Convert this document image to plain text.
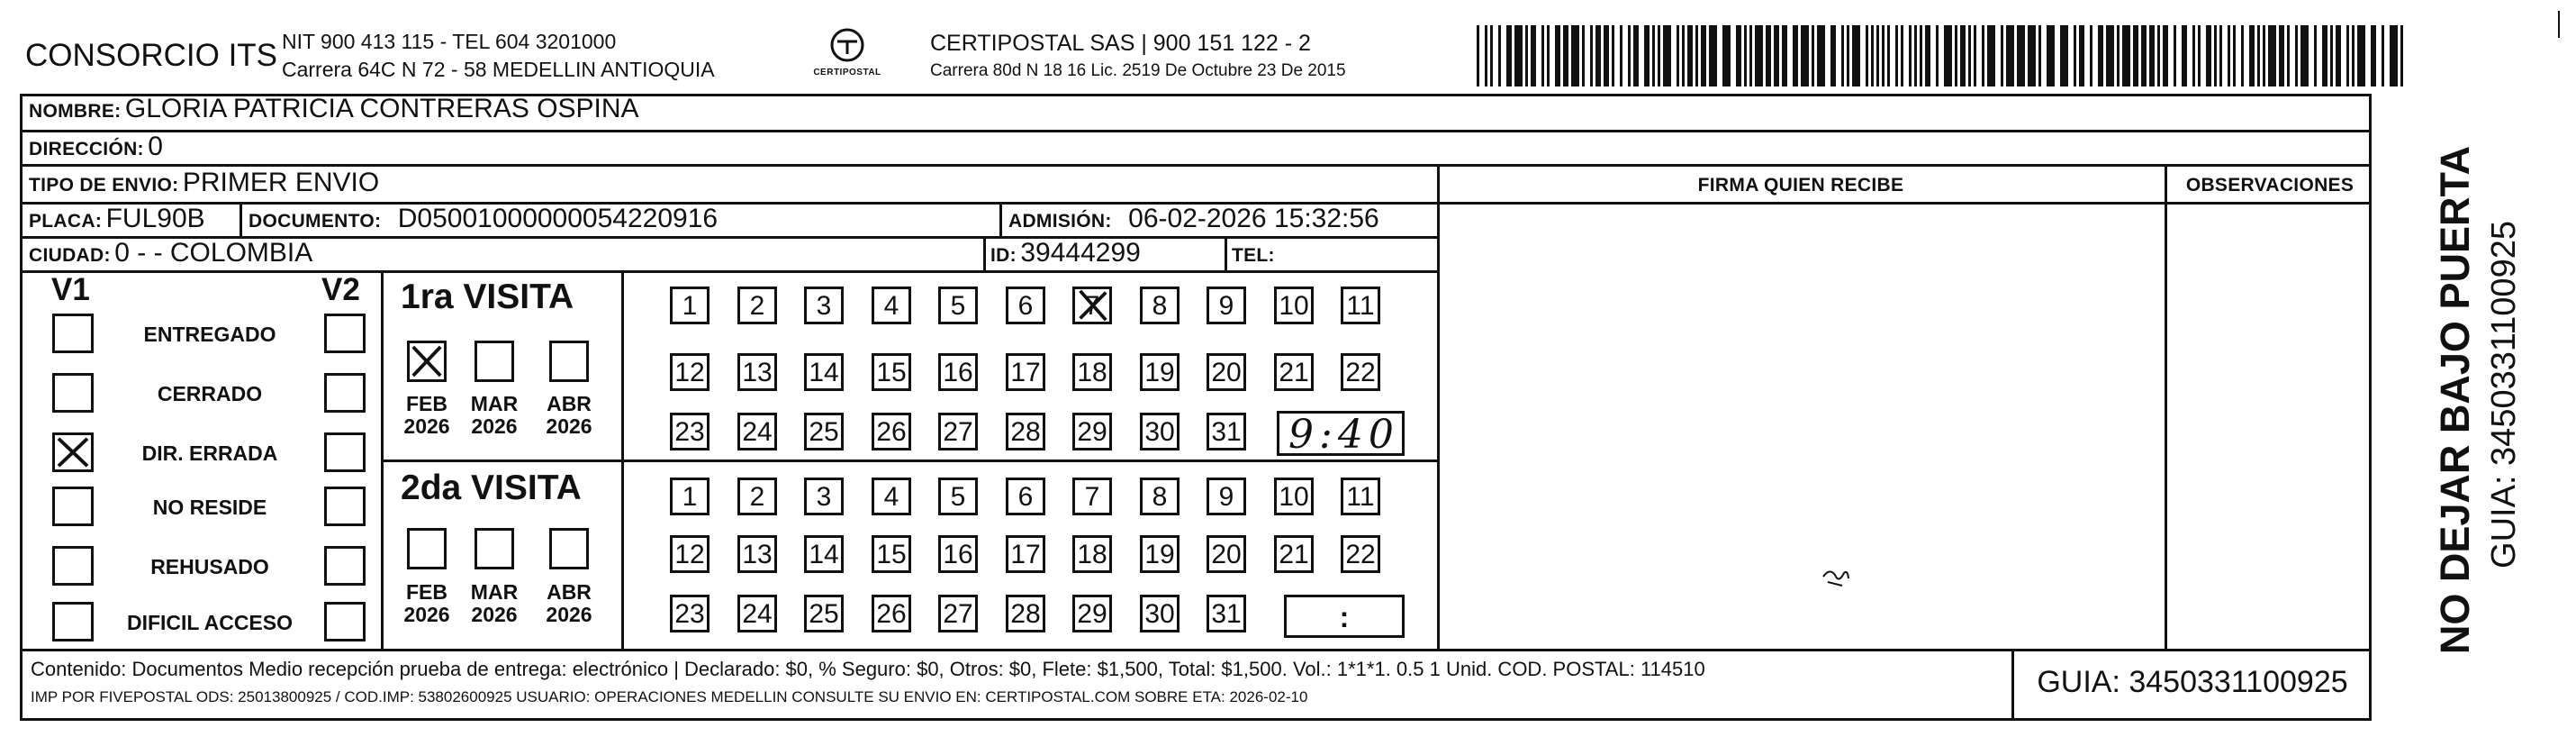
CONSORCIO ITS NIT 900 413 115 - TEL 604 3201000
Carrera 64C N 72 - 58 MEDELLIN ANTIOQUIA	CERTIPOSTAL
CERTIPOSTAL SAS | 900 151 122 - 2
Carrera 80d N 18 16 Lic. 2519 De Octubre 23 De 2015
NOMBRE: GLORIA PATRICIA CONTRERAS OSPINA
DIRECCIÓN: 0
TIPO DE ENVIO: PRIMER ENVIO	FIRMA QUIEN RECIBE	OBSERVACIONES
PLACA: FUL90B DOCUMENTO: D05001000000054220916	ADMISIÓN: 06-02-2026 15:32:56
CIUDAD: 0 - - COLOMBIA	ID: 39444299	TEL:
V1	V2
ENTREGADO
CERRADO
DIR. ERRADA
NO RESIDE
REHUSADO
DIFICIL ACCESO
1ra VISITA
2da VISITA
FEB
2026
MAR
2026
ABR
2026
FEB
2026
MAR
2026
ABR
2026
1	2	3	4	5	6	7	8	9	10 11
12 13 14 15 16 17 18 19 20 21 22
23 24 25 26 27 28 29 30 31
1	2	3	4	5	6	7	8	9	10 11
12 13 14 15 16 17 18 19 20 21 22
23 24 25 26 27 28 29 30 31
9:40
:
Contenido: Documentos Medio recepción prueba de entrega: electrónico | Declarado: $0, % Seguro: $0, Otros: $0, Flete: $1,500, Total: $1,500. Vol.: 1*1*1. 0.5 1 Unid. COD. POSTAL: 114510
IMP POR FIVEPOSTAL ODS: 25013800925 / COD.IMP: 53802600925 USUARIO: OPERACIONES MEDELLIN CONSULTE SU ENVIO EN: CERTIPOSTAL.COM SOBRE ETA: 2026-02-10	GUIA: 3450331100925
NO DEJAR BAJO PUERTA GUIA: 3450331100925
